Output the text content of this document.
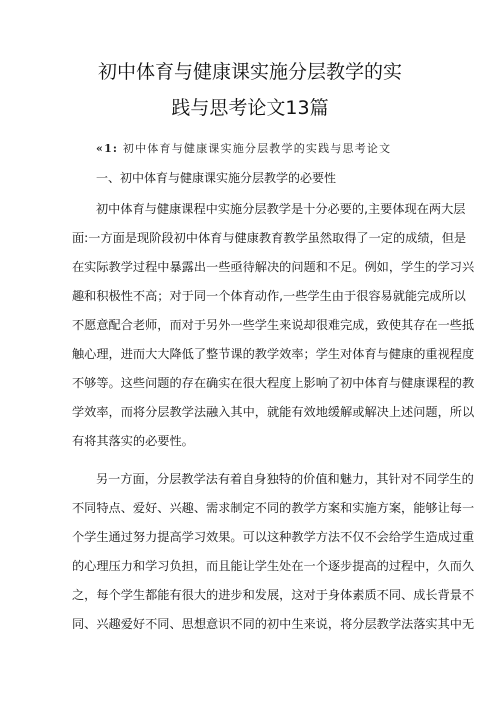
初中体育与健康课实施分层教学的实
践与思考论文13篇
«1: 初中体育与健康课实施分层教学的实践与思考论文
一、初中体育与健康课实施分层教学的必要性
初中体育与健康课程中实施分层教学是十分必要的,主要体现在两大层
面:一方面是现阶段初中体育与健康教育教学虽然取得了一定的成绩，但是
在实际教学过程中暴露出一些亟待解决的问题和不足。例如，学生的学习兴
趣和积极性不高；对于同一个体育动作,一些学生由于很容易就能完成所以
不愿意配合老师，而对于另外一些学生来说却很难完成，致使其存在一些抵
触心理，进而大大降低了整节课的教学效率；学生对体育与健康的重视程度
不够等。这些问题的存在确实在很大程度上影响了初中体育与健康课程的教
学效率，而将分层教学法融入其中，就能有效地缓解或解决上述问题，所以
有将其落实的必要性。
另一方面，分层教学法有着自身独特的价值和魅力，其针对不同学生的
不同特点、爱好、兴趣、需求制定不同的教学方案和实施方案，能够让每一
个学生通过努力提高学习效果。可以这种教学方法不仅不会给学生造成过重
的心理压力和学习负担，而且能让学生处在一个逐步提高的过程中，久而久
之，每个学生都能有很大的进步和发展，这对于身体素质不同、成长背景不
同、兴趣爱好不同、思想意识不同的初中生来说，将分层教学法落实其中无
